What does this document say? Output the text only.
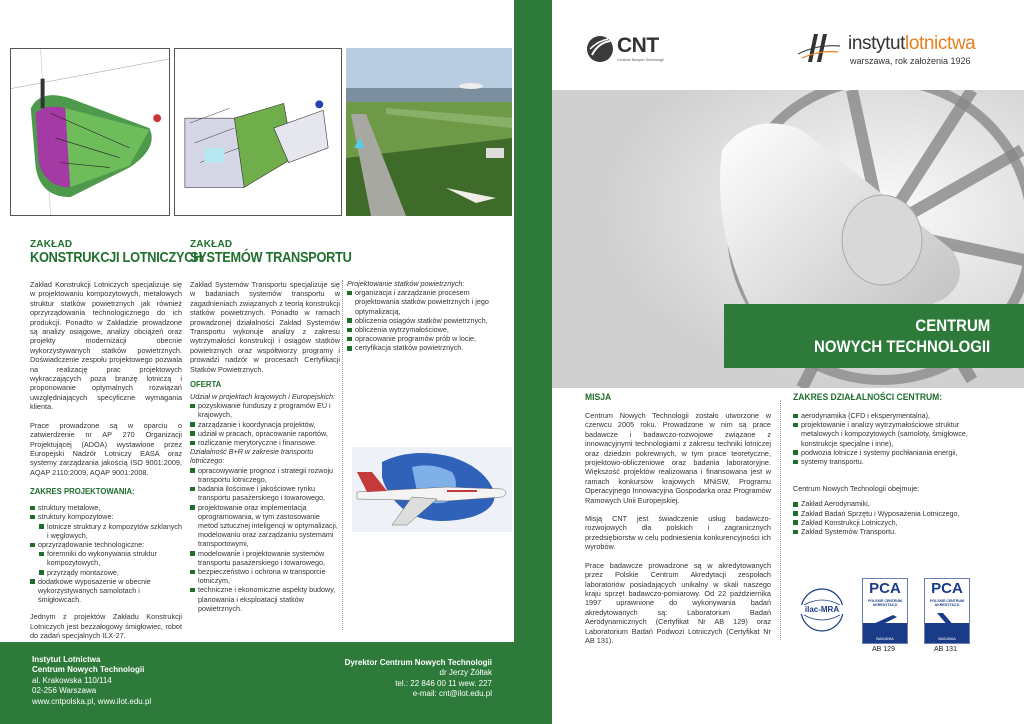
ZAKŁAD
KONSTRUKCJI LOTNICZYCH

Zakład Konstrukcji Lotniczych specjalizuje się w projektowaniu kompozytowych, metalowych struktur statków powietrznych jak również oprzyrządowania technologicznego do ich produkcji. Ponadto w Zakładzie prowadzone są analizy osiągowe, analizy obciążeń oraz projekty modernizacji obecnie wykorzystywanych statków powietrznych. Doświadczenie zespołu projektowego pozwala na realizację prac projektowych wykraczających poza branżę lotniczą i proponowanie optymalnych rozwiązań uwzględniających specyficzne wymagania klienta.

Prace prowadzone są w oparciu o zatwierdzenie nr AP 270 Organizacji Projektującej (ADOA) wystawione przez Europejski Nadzór Lotniczy EASA oraz systemy zarządzania jakością ISO 9001:2009, AQAP 2110:2009, AQAP 9001:2008.

ZAKRES PROJEKTOWANIA:
struktury metalowe,
struktury kompozytowe:
lotnicze struktury z kompozytów szklanych i węglowych,
oprzyrządowanie technologiczne:
foremniki do wykonywania struktur kompozytowych,
przyrządy montażowe,
dodatkowe wyposażenie w obecnie wykorzystywanych samolotach i śmigłowcach.

Jednym z projektów Zakładu Konstrukcji Lotniczych jest bezzałogowy śmigłowiec, robot do zadań specjalnych ILX-27.

ZAKŁAD
SYSTEMÓW TRANSPORTU

Zakład Systemów Transportu specjalizuje się w badaniach systemów transportu w zagadnieniach związanych z teorią konstrukcji statków powietrznych. Ponadto w ramach prowadzonej działalności Zakład Systemów Transportu wykonuje analizy z zakresu wytrzymałości konstrukcji i osiągów statków powietrznych oraz współtworzy programy i prowadzi nadzór w procesach Certyfikacji Statków Powietrznych.

OFERTA
Udział w projektach krajowych i Europejskich:
pozyskiwanie funduszy z programów EU i krajowych,
zarządzanie i koordynacja projektów,
udział w pracach, opracowanie raportów,
rozliczanie merytoryczne i finansowe.
Działalność B+R w zakresie transportu lotniczego:
opracowywanie prognoz i strategii rozwoju transportu lotniczego,
badania ilościowe i jakościowe rynku transportu pasażerskiego i towarowego,
projektowanie oraz implementacja oprogramowania, w tym zastosowanie metod sztucznej inteligencji w optymalizacji, modelowaniu oraz zarządzaniu systemami transportowymi,
modelowanie i projektowanie systemów transportu pasażerskiego i towarowego,
bezpieczeństwo i ochrona w transporcie lotniczym,
techniczne i ekonomiczne aspekty budowy, planowania i eksploatacji statków powietrznych.
Projektowanie statków powietrznych:
organizacja i zarządzanie procesem projektowania statków powietrznych i jego optymalizacją,
obliczenia osiągów statków powietrznych,
obliczenia wytrzymałościowe,
opracowanie programów prób w locie,
certyfikacja statków powietrznych.
Instytut Lotnictwa
Centrum Nowych Technologii
al. Krakowska 110/114
02-256 Warszawa
www.cntpolska.pl, www.ilot.edu.pl
Dyrektor Centrum Nowych Technologii
dr Jerzy Żółtak
tel.: 22 846 00 11 wew. 227
e-mail: cnt@ilot.edu.pl
CNT
Centrum Nowych Technologii
instytutlotnictwa
warszawa, rok założenia 1926
CENTRUM
NOWYCH TECHNOLOGII
MISJA

Centrum Nowych Technologii zostało utworzone w czerwcu 2005 roku. Prowadzone w nim są prace badawcze i badawczo-rozwojowe związane z innowacyjnymi technologiami z zakresu techniki lotniczej oraz dziedzin pokrewnych, w tym prace teoretyczne, projektowo-obliczeniowe oraz badania laboratoryjne. Większość projektów realizowana i finansowana jest w ramach konkursów krajowych MNiSW, Programu Operacyjnego Innowacyjna Gospodarka oraz Programów Ramowych Unii Europejskiej.

Misją CNT jest świadczenie usług badawczo-rozwojowych dla polskich i zagranicznych przedsiębiorstw w celu podniesienia konkurencyjności ich wyrobów.

Prace badawcze prowadzone są w akredytowanych przez Polskie Centrum Akredytacji zespołach laboratoriów posiadających unikalny w skali naszego kraju sprzęt badawczo-pomiarowy. Od 22 października 1997 uprawnione do wykonywania badań akredytowanych są: Laboratorium Badań Aerodynamicznych (Certyfikat Nr AB 129) oraz Laboratorium Badań Podwozi Lotniczych (Certyfikat Nr AB 131).

ZAKRES DZIAŁALNOŚCI CENTRUM:
aerodynamika (CFD i eksperymentalna),
projektowanie i analizy wytrzymałościowe struktur metalowych i kompozytowych (samoloty, śmigłowce, konstrukcje specjalne i inne),
podwozia lotnicze i systemy pochłaniania energii,
systemy transportu.
Centrum Nowych Technologii obejmuje:
Zakład Aerodynamiki,
Zakład Badań Sprzętu i Wyposażenia Lotniczego,
Zakład Konstrukcji Lotniczych,
Zakład Systemów Transportu.
ilac-MRA
PCA
POLSKIE CENTRUM AKREDYTACJI
BADANIA
AB 129
PCA
POLSKIE CENTRUM AKREDYTACJI
BADANIA
AB 131
